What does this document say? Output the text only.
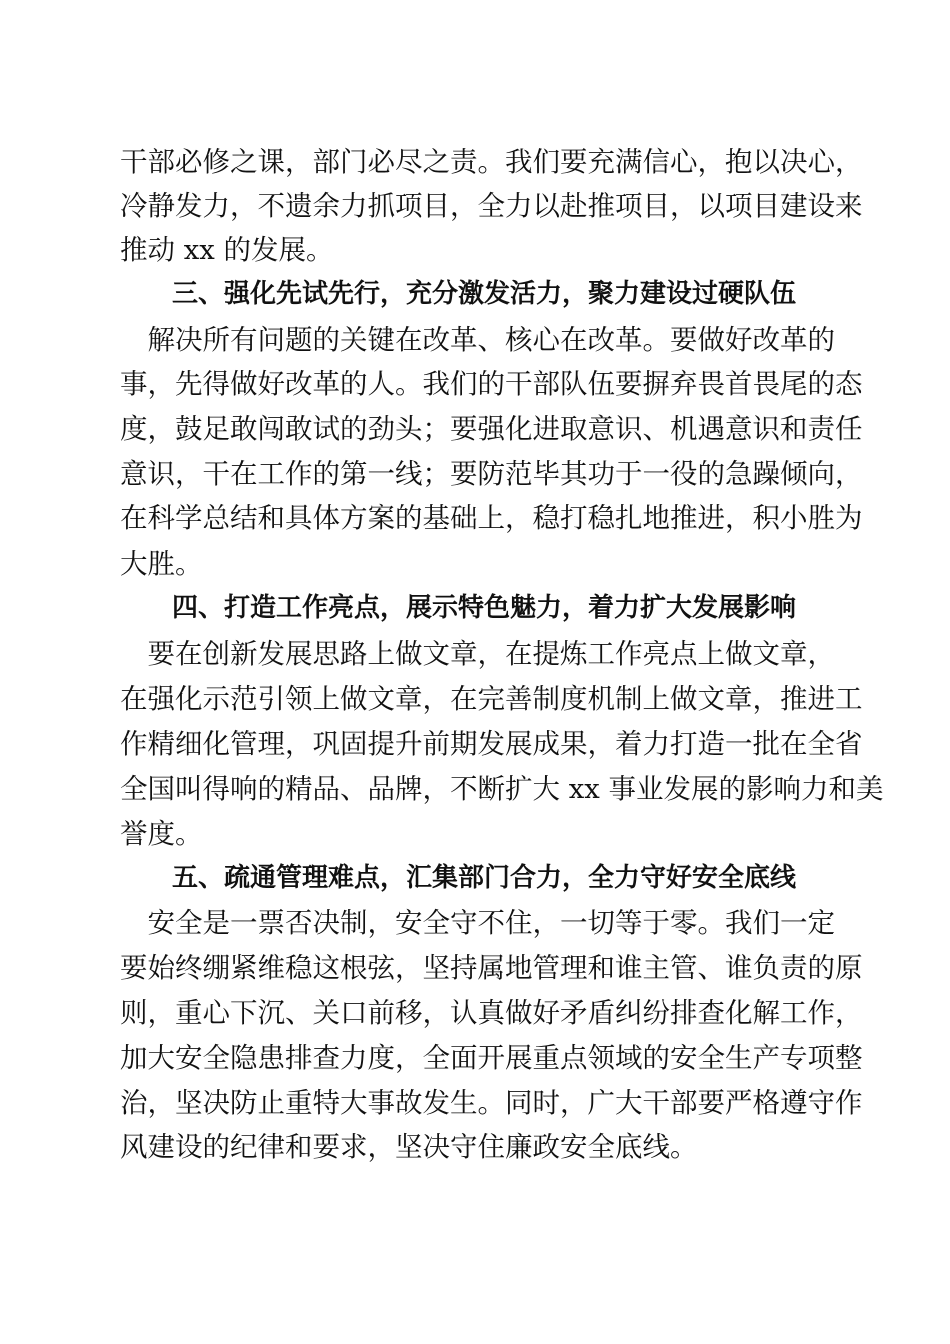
干部必修之课，部门必尽之责。我们要充满信心，抱以决心，
冷静发力，不遗余力抓项目，全力以赴推项目，以项目建设来
推动 xx 的发展。
三、强化先试先行，充分激发活力，聚力建设过硬队伍
　解决所有问题的关键在改革、核心在改革。要做好改革的
事，先得做好改革的人。我们的干部队伍要摒弃畏首畏尾的态
度，鼓足敢闯敢试的劲头；要强化进取意识、机遇意识和责任
意识，干在工作的第一线；要防范毕其功于一役的急躁倾向，
在科学总结和具体方案的基础上，稳打稳扎地推进，积小胜为
大胜。
四、打造工作亮点，展示特色魅力，着力扩大发展影响
　要在创新发展思路上做文章，在提炼工作亮点上做文章，
在强化示范引领上做文章，在完善制度机制上做文章，推进工
作精细化管理，巩固提升前期发展成果，着力打造一批在全省
全国叫得响的精品、品牌，不断扩大 xx 事业发展的影响力和美
誉度。
五、疏通管理难点，汇集部门合力，全力守好安全底线
　安全是一票否决制，安全守不住，一切等于零。我们一定
要始终绷紧维稳这根弦，坚持属地管理和谁主管、谁负责的原
则，重心下沉、关口前移，认真做好矛盾纠纷排查化解工作，
加大安全隐患排查力度，全面开展重点领域的安全生产专项整
治，坚决防止重特大事故发生。同时，广大干部要严格遵守作
风建设的纪律和要求，坚决守住廉政安全底线。
